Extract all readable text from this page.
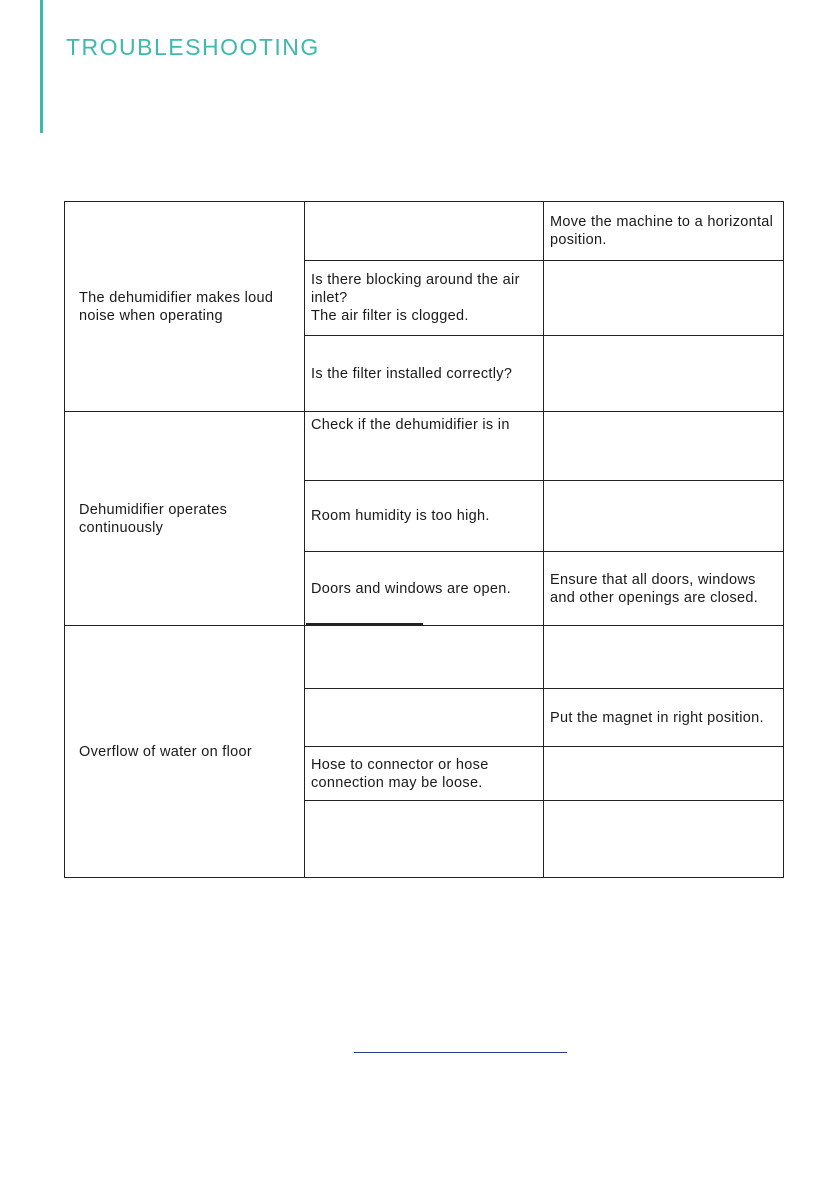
TROUBLESHOOTING
The dehumidifier makes loud noise when operating		Move the machine to a horizontal position.

	Is there blocking around the air inlet?
The air filter is clogged.	

	Is the filter installed correctly?	

Dehumidifier operates continuously	Check if the dehumidifier is in	

	Room humidity is too high.	

	Doors and windows are open.	Ensure that all doors, windows and other openings are closed.

Overflow of water on floor		

		Put the magnet in right position.

	Hose to connector or hose connection may be loose.	
